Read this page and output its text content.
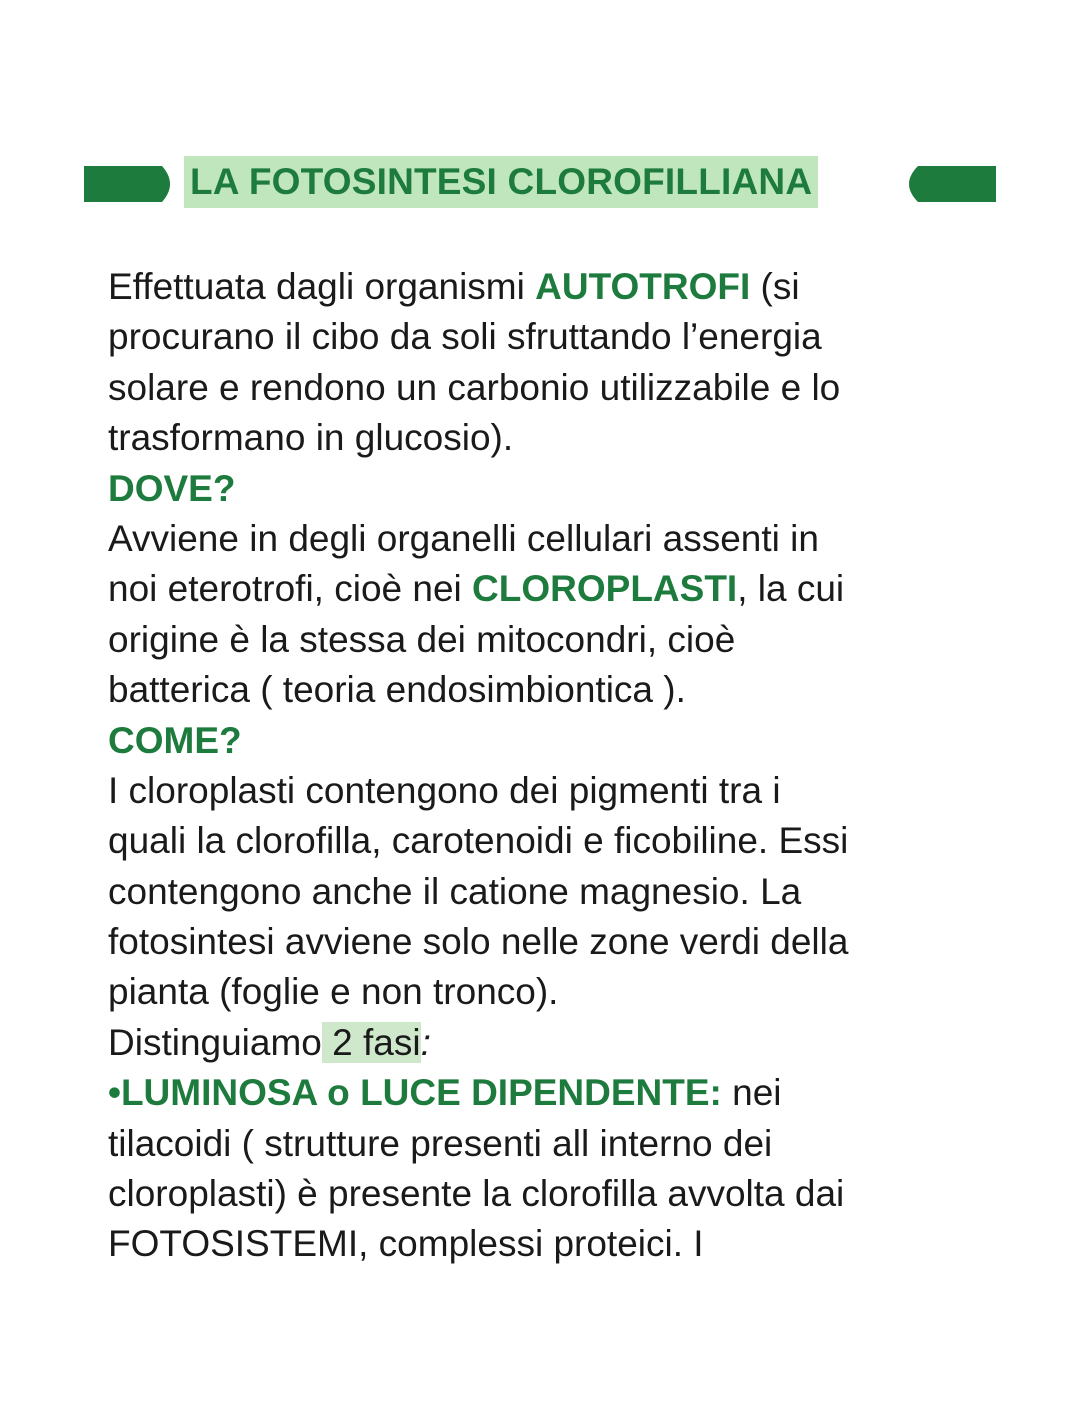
LA FOTOSINTESI CLOROFILLIANA
Effettuata dagli organismi AUTOTROFI (si
procurano il cibo da soli sfruttando l’energia
solare e rendono un carbonio utilizzabile e lo
trasformano in glucosio).
DOVE?
Avviene in degli organelli cellulari assenti in
noi eterotrofi, cioè nei CLOROPLASTI, la cui
origine è la stessa dei mitocondri, cioè
batterica ( teoria endosimbiontica ).
COME?
I cloroplasti contengono dei pigmenti tra i
quali la clorofilla, carotenoidi e ficobiline. Essi
contengono anche il catione magnesio. La
fotosintesi avviene solo nelle zone verdi della
pianta (foglie e non tronco).
Distinguiamo 2 fasi:
•LUMINOSA o LUCE DIPENDENTE: nei
tilacoidi ( strutture presenti all interno dei
cloroplasti) è presente la clorofilla avvolta dai
FOTOSISTEMI, complessi proteici. I
